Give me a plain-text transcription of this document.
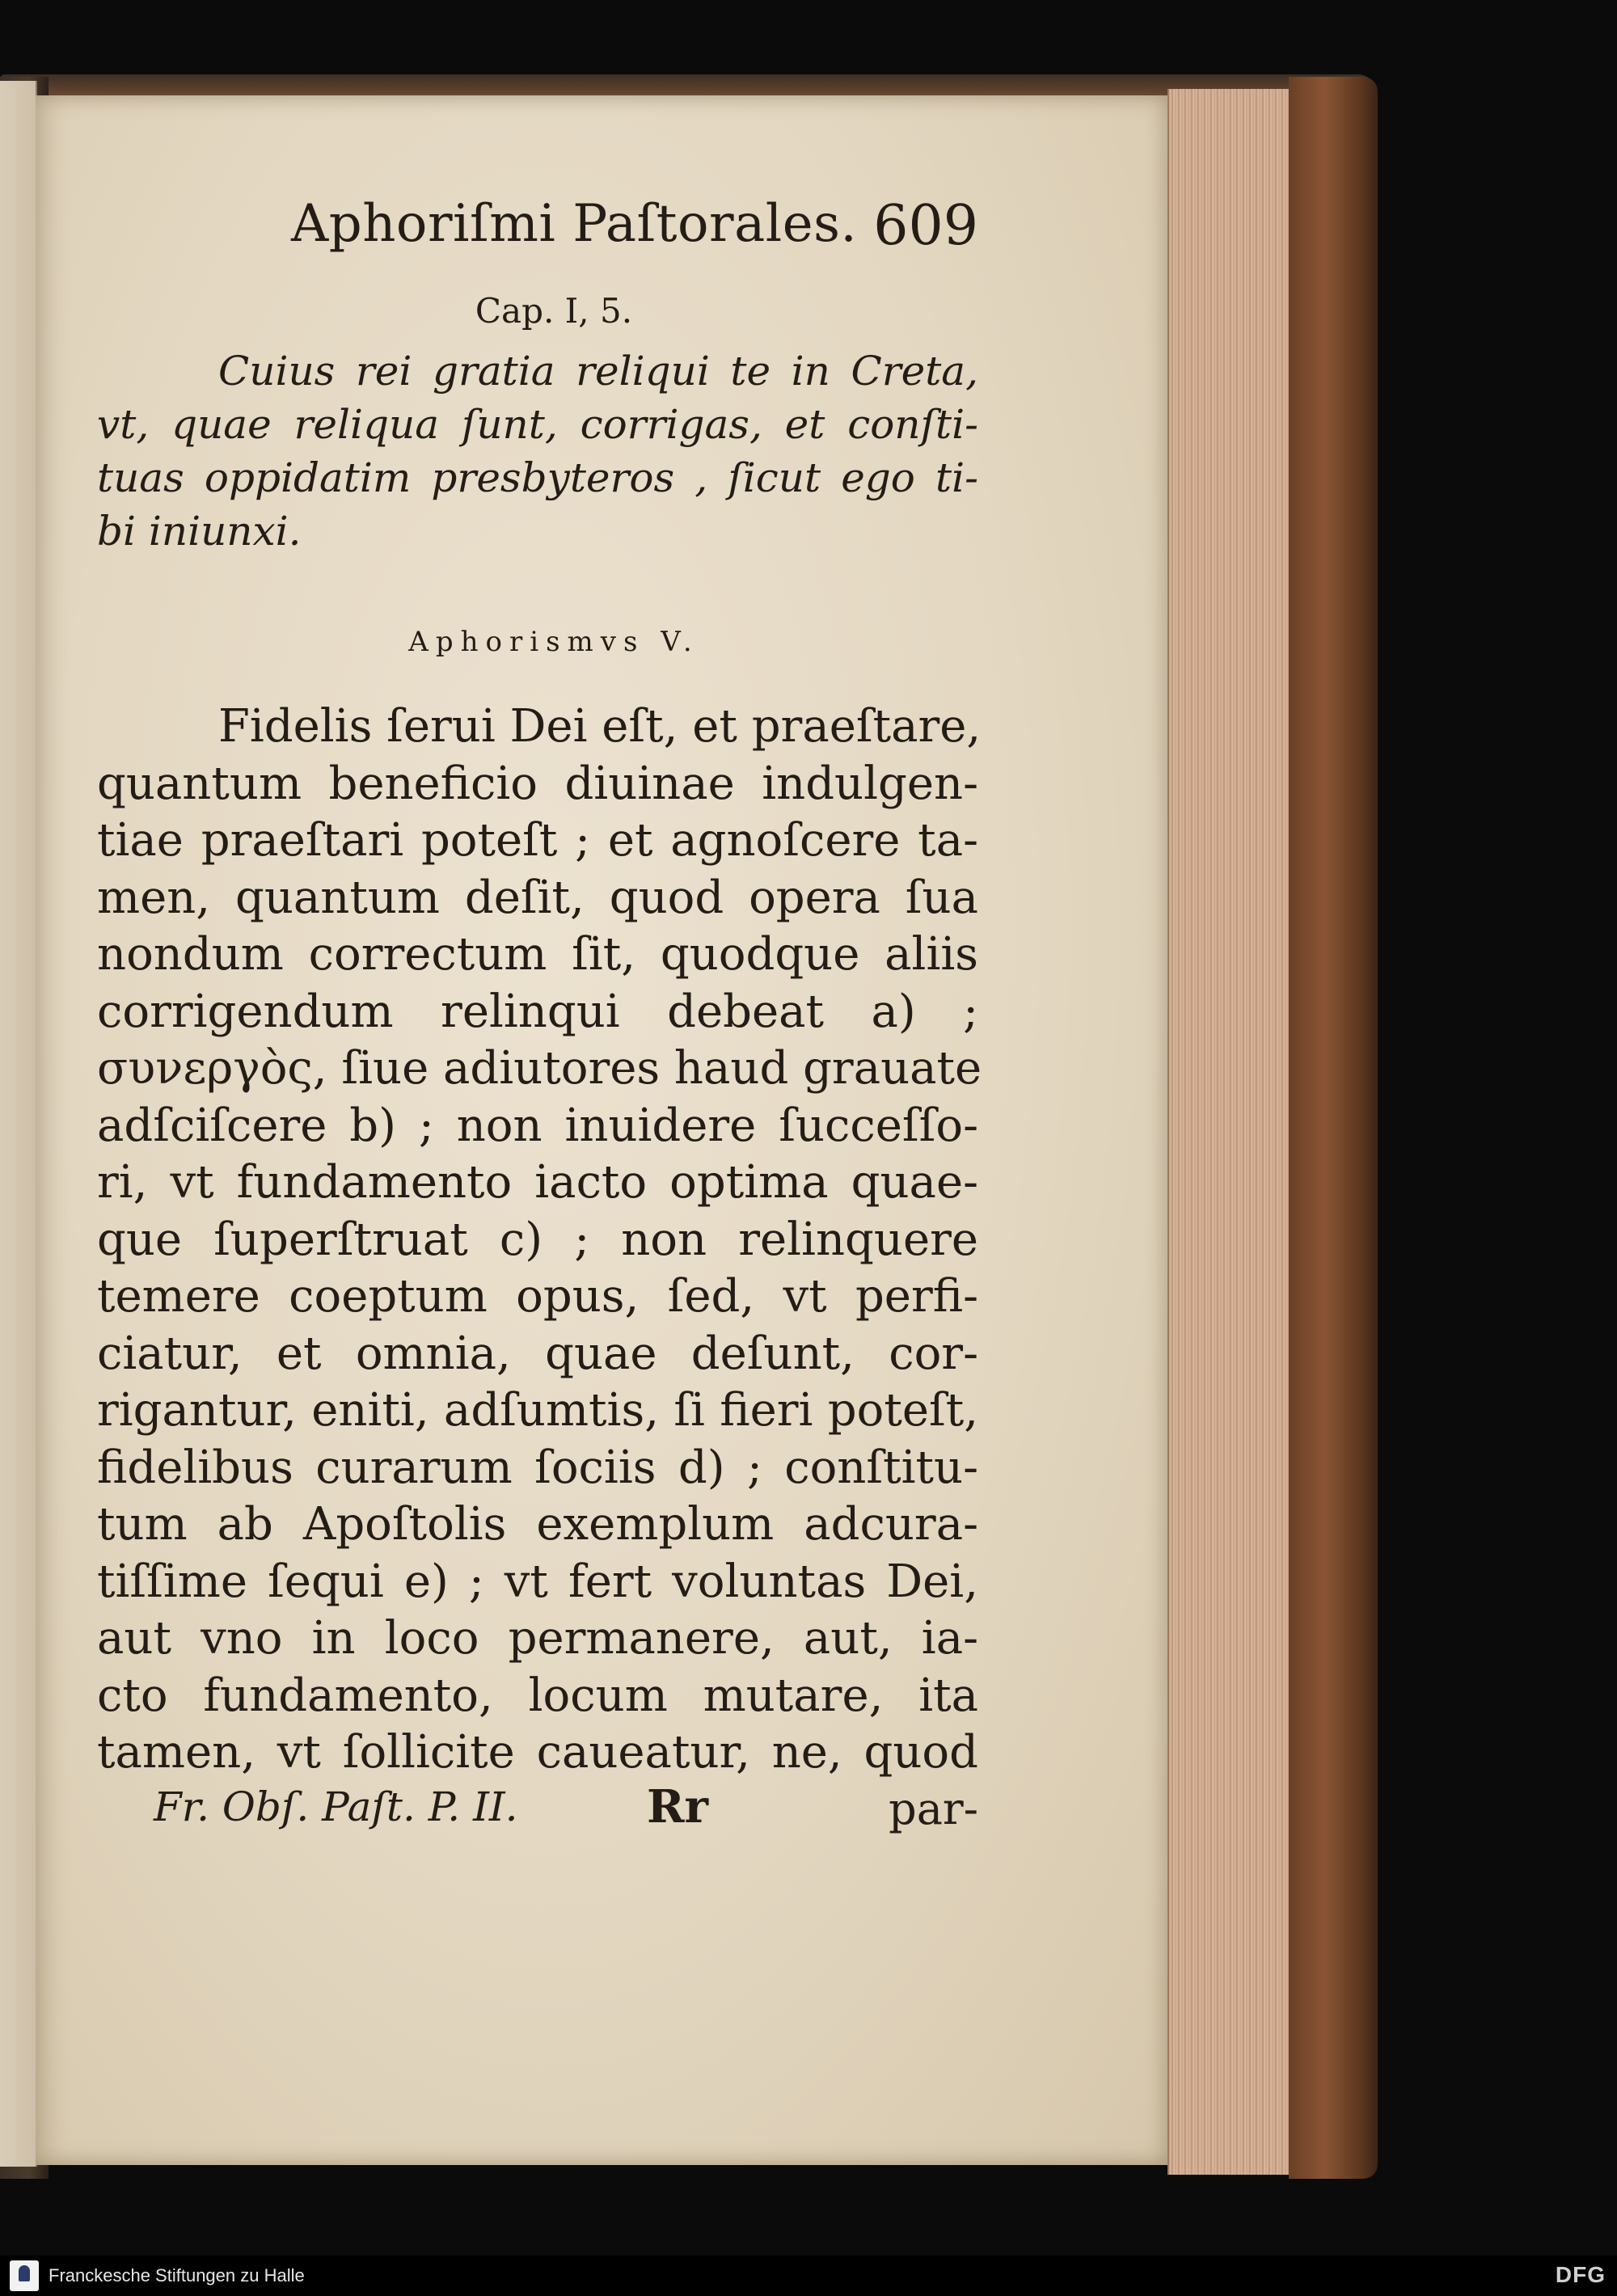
Aphoriſmi Paſtorales. 609
Cap. I, 5.
Cuius rei gratia reliqui te in Creta,
vt, quae reliqua ſunt, corrigas, et conſti-
tuas oppidatim presbyteros , ſicut ego ti-
bi iniunxi.
Aphorismvs V.
Fidelis ſerui Dei eſt, et praeſtare,
quantum beneficio diuinae indulgen-
tiae praeſtari poteſt ; et agnoſcere ta-
men, quantum deſit, quod opera ſua
nondum correctum ſit, quodque aliis
corrigendum relinqui debeat a) ;
συνεργὸς, ſiue adiutores haud grauate
adſciſcere b) ; non inuidere ſucceſſo-
ri, vt fundamento iacto optima quae-
que ſuperſtruat c) ; non relinquere
temere coeptum opus, ſed, vt perfi-
ciatur, et omnia, quae deſunt, cor-
rigantur, eniti, adſumtis, ſi fieri poteſt,
fidelibus curarum ſociis d) ; conſtitu-
tum ab Apoſtolis exemplum adcura-
tiſſime ſequi e) ; vt fert voluntas Dei,
aut vno in loco permanere, aut, ia-
cto fundamento, locum mutare, ita
tamen, vt ſollicite caueatur, ne, quod
Fr. Obſ. Paſt. P. II.	Rr	par-
Franckesche Stiftungen zu Halle	DFG
